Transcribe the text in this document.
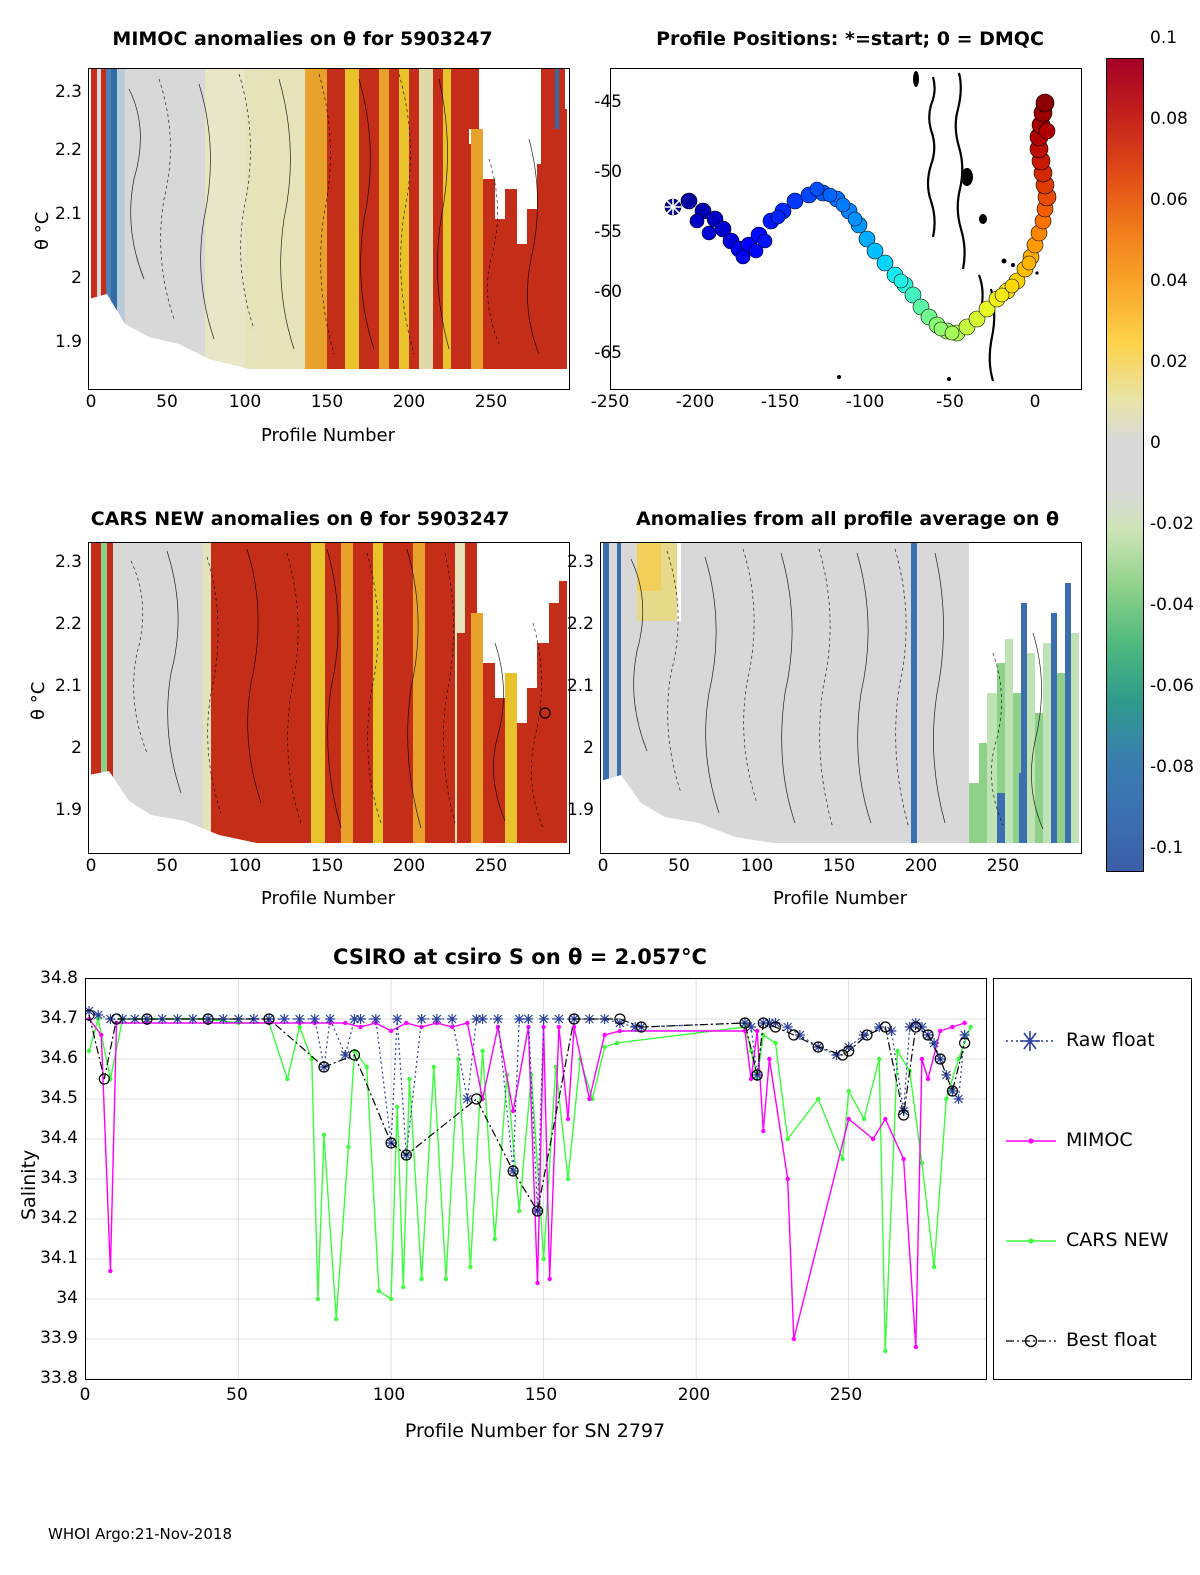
MIMOC anomalies on θ for 5903247
θ °C
Profile Number
0	50	100	150	200	250
1.9
2
2.1
2.2
2.3
Profile Positions: *=start; 0 = DMQC
-250	-200	-150	-100	-50	0
-65
-60
-55
-50
-45
0.1
0.08
0.06
0.04
0.02
0
-0.02
-0.04
-0.06
-0.08
-0.1
CARS NEW anomalies on θ for 5903247
θ °C
Profile Number
0	50	100	150	200	250
1.9
2
2.1
2.2
2.3
Anomalies from all profile average on θ
Profile Number
0	50	100	150	200	250
1.9
2
2.1
2.2
2.3
CSIRO at csiro S on θ = 2.057°C
Salinity
Profile Number for SN 2797
0	50	100	150	200	250
33.8
33.9
34
34.1
34.2
34.3
34.4
34.5
34.6
34.7
34.8
Raw float
MIMOC
CARS NEW
Best float
WHOI Argo:21-Nov-2018
